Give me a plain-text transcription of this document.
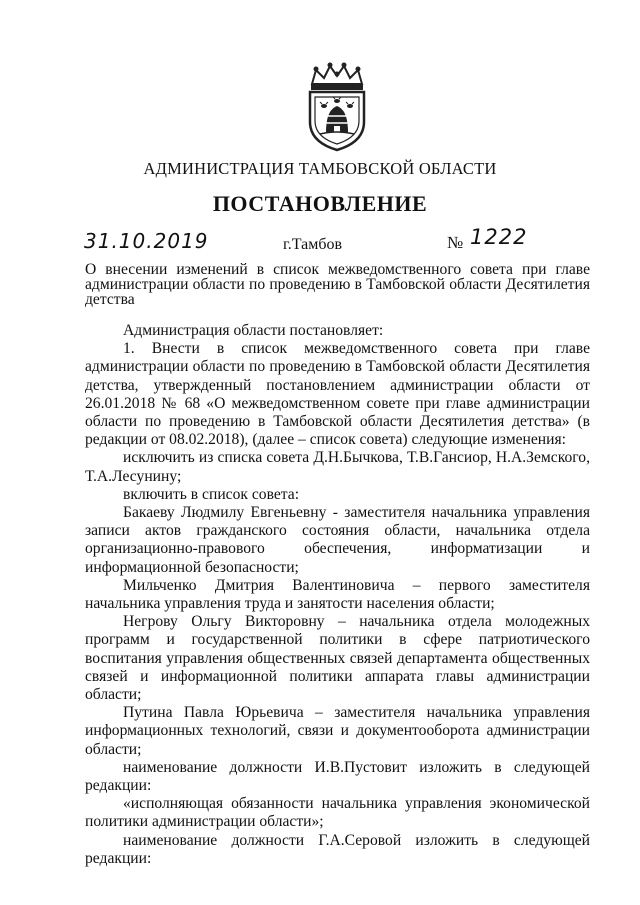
АДМИНИСТРАЦИЯ ТАМБОВСКОЙ ОБЛАСТИ
ПОСТАНОВЛЕНИЕ
31.10.2019	г.Тамбов	№ 1222
О внесении изменений в список межведомственного совета при главе администрации области по проведению в Тамбовской области Десятилетия детства

Администрация области постановляет:

1. Внести в список межведомственного совета при главе администрации области по проведению в Тамбовской области Десятилетия детства, утвержденный постановлением администрации области от 26.01.2018 № 68 «О межведомственном совете при главе администрации области по проведению в Тамбовской области Десятилетия детства» (в редакции от 08.02.2018), (далее – список совета) следующие изменения:

исключить из списка совета Д.Н.Бычкова, Т.В.Гансиор, Н.А.Земского, Т.А.Лесунину;

включить в список совета:

Бакаеву Людмилу Евгеньевну - заместителя начальника управления записи актов гражданского состояния области, начальника отдела организационно-правового обеспечения, информатизации и информационной безопасности;

Мильченко Дмитрия Валентиновича – первого заместителя начальника управления труда и занятости населения области;

Негрову Ольгу Викторовну – начальника отдела молодежных программ и государственной политики в сфере патриотического воспитания управления общественных связей департамента общественных связей и информационной политики аппарата главы администрации области;

Путина Павла Юрьевича – заместителя начальника управления информационных технологий, связи и документооборота администрации области;

наименование должности И.В.Пустовит изложить в следующей редакции:

«исполняющая обязанности начальника управления экономической политики администрации области»;

наименование должности Г.А.Серовой изложить в следующей редакции:
